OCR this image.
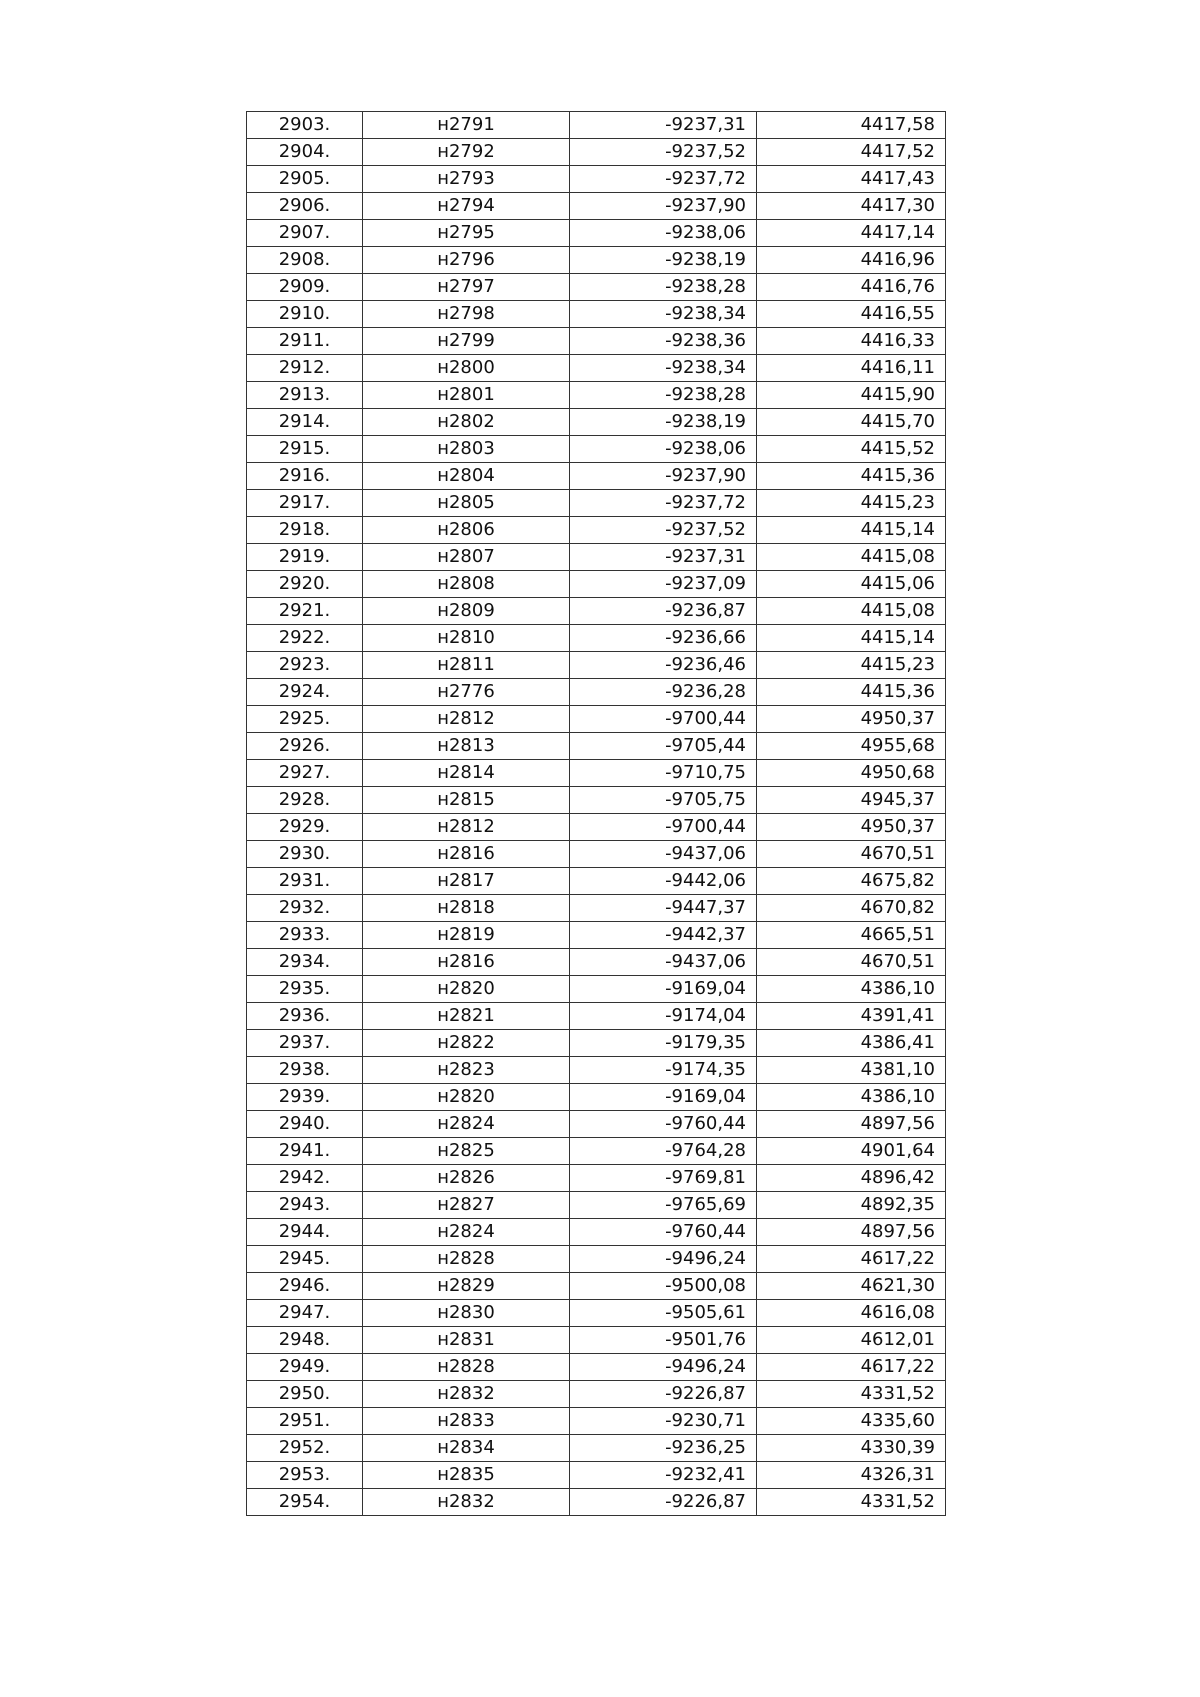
2903.	н2791	-9237,31	4417,58
2904.	н2792	-9237,52	4417,52
2905.	н2793	-9237,72	4417,43
2906.	н2794	-9237,90	4417,30
2907.	н2795	-9238,06	4417,14
2908.	н2796	-9238,19	4416,96
2909.	н2797	-9238,28	4416,76
2910.	н2798	-9238,34	4416,55
2911.	н2799	-9238,36	4416,33
2912.	н2800	-9238,34	4416,11
2913.	н2801	-9238,28	4415,90
2914.	н2802	-9238,19	4415,70
2915.	н2803	-9238,06	4415,52
2916.	н2804	-9237,90	4415,36
2917.	н2805	-9237,72	4415,23
2918.	н2806	-9237,52	4415,14
2919.	н2807	-9237,31	4415,08
2920.	н2808	-9237,09	4415,06
2921.	н2809	-9236,87	4415,08
2922.	н2810	-9236,66	4415,14
2923.	н2811	-9236,46	4415,23
2924.	н2776	-9236,28	4415,36
2925.	н2812	-9700,44	4950,37
2926.	н2813	-9705,44	4955,68
2927.	н2814	-9710,75	4950,68
2928.	н2815	-9705,75	4945,37
2929.	н2812	-9700,44	4950,37
2930.	н2816	-9437,06	4670,51
2931.	н2817	-9442,06	4675,82
2932.	н2818	-9447,37	4670,82
2933.	н2819	-9442,37	4665,51
2934.	н2816	-9437,06	4670,51
2935.	н2820	-9169,04	4386,10
2936.	н2821	-9174,04	4391,41
2937.	н2822	-9179,35	4386,41
2938.	н2823	-9174,35	4381,10
2939.	н2820	-9169,04	4386,10
2940.	н2824	-9760,44	4897,56
2941.	н2825	-9764,28	4901,64
2942.	н2826	-9769,81	4896,42
2943.	н2827	-9765,69	4892,35
2944.	н2824	-9760,44	4897,56
2945.	н2828	-9496,24	4617,22
2946.	н2829	-9500,08	4621,30
2947.	н2830	-9505,61	4616,08
2948.	н2831	-9501,76	4612,01
2949.	н2828	-9496,24	4617,22
2950.	н2832	-9226,87	4331,52
2951.	н2833	-9230,71	4335,60
2952.	н2834	-9236,25	4330,39
2953.	н2835	-9232,41	4326,31
2954.	н2832	-9226,87	4331,52
